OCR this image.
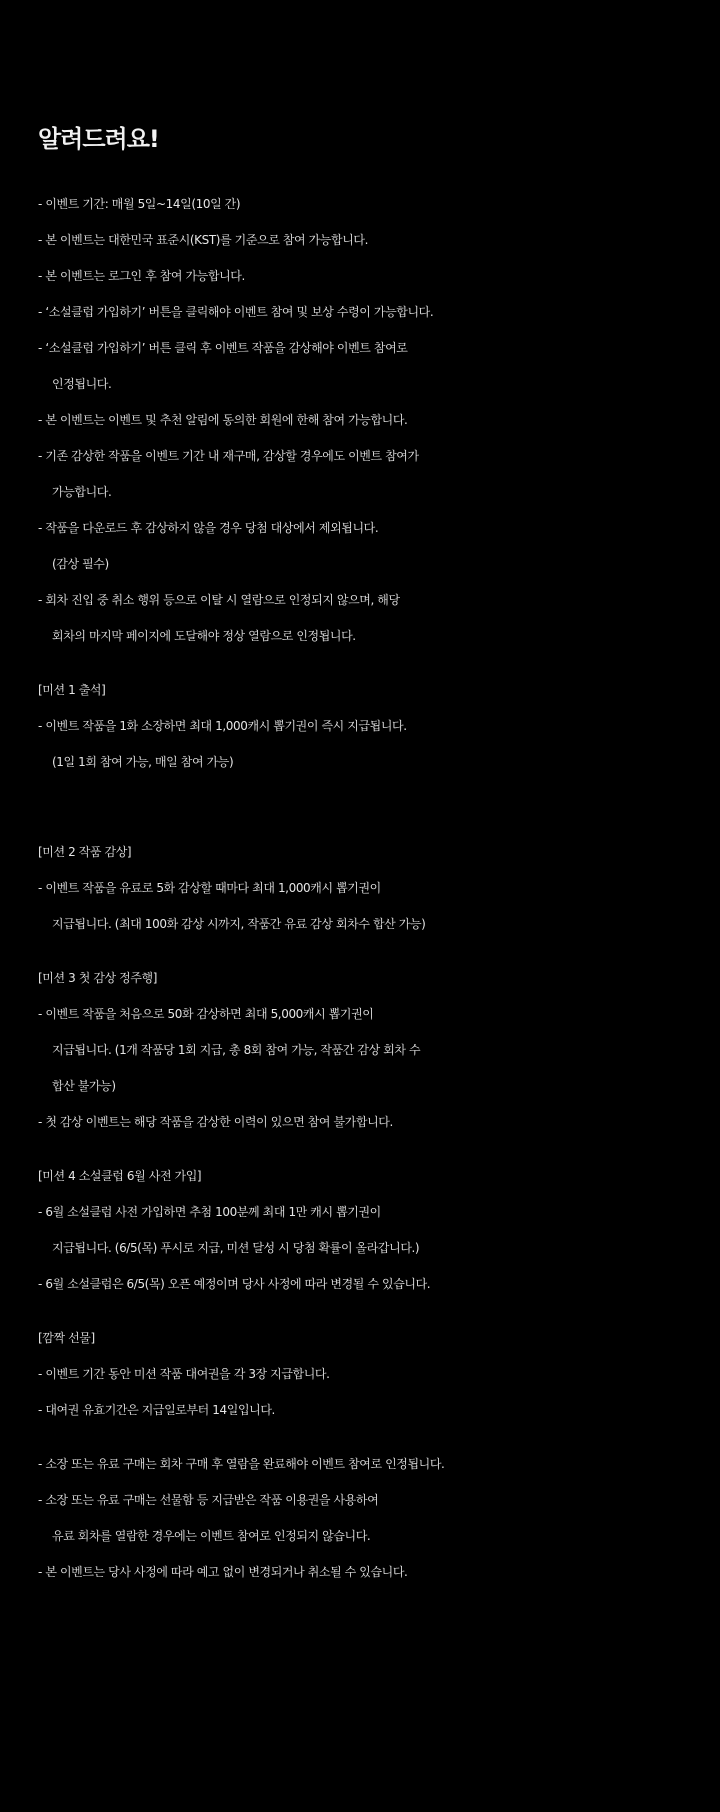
알려드려요!
- 이벤트 기간: 매월 5일~14일(10일 간)
- 본 이벤트는 대한민국 표준시(KST)를 기준으로 참여 가능합니다.
- 본 이벤트는 로그인 후 참여 가능합니다.
- ‘소설클럽 가입하기’ 버튼을 클릭해야 이벤트 참여 및 보상 수령이 가능합니다.
- ‘소설클럽 가입하기’ 버튼 클릭 후 이벤트 작품을 감상해야 이벤트 참여로
인정됩니다.
- 본 이벤트는 이벤트 및 추천 알림에 동의한 회원에 한해 참여 가능합니다.
- 기존 감상한 작품을 이벤트 기간 내 재구매, 감상할 경우에도 이벤트 참여가
가능합니다.
- 작품을 다운로드 후 감상하지 않을 경우 당첨 대상에서 제외됩니다.
(감상 필수)
- 회차 진입 중 취소 행위 등으로 이탈 시 열람으로 인정되지 않으며, 해당
회차의 마지막 페이지에 도달해야 정상 열람으로 인정됩니다.
[미션 1 출석]
- 이벤트 작품을 1화 소장하면 최대 1,000캐시 뽑기권이 즉시 지급됩니다.
(1일 1회 참여 가능, 매일 참여 가능)
[미션 2 작품 감상]
- 이벤트 작품을 유료로 5화 감상할 때마다 최대 1,000캐시 뽑기권이
지급됩니다. (최대 100화 감상 시까지, 작품간 유료 감상 회차수 합산 가능)
[미션 3 첫 감상 정주행]
- 이벤트 작품을 처음으로 50화 감상하면 최대 5,000캐시 뽑기권이
지급됩니다. (1개 작품당 1회 지급, 총 8회 참여 가능, 작품간 감상 회차 수
합산 불가능)
- 첫 감상 이벤트는 해당 작품을 감상한 이력이 있으면 참여 불가합니다.
[미션 4 소설클럽 6월 사전 가입]
- 6월 소설클럽 사전 가입하면 추첨 100분께 최대 1만 캐시 뽑기권이
지급됩니다. (6/5(목) 푸시로 지급, 미션 달성 시 당첨 확률이 올라갑니다.)
- 6월 소설클럽은 6/5(목) 오픈 예정이며 당사 사정에 따라 변경될 수 있습니다.
[깜짝 선물]
- 이벤트 기간 동안 미션 작품 대여권을 각 3장 지급합니다.
- 대여권 유효기간은 지급일로부터 14일입니다.
- 소장 또는 유료 구매는 회차 구매 후 열람을 완료해야 이벤트 참여로 인정됩니다.
- 소장 또는 유료 구매는 선물함 등 지급받은 작품 이용권을 사용하여
유료 회차를 열람한 경우에는 이벤트 참여로 인정되지 않습니다.
- 본 이벤트는 당사 사정에 따라 예고 없이 변경되거나 취소될 수 있습니다.
